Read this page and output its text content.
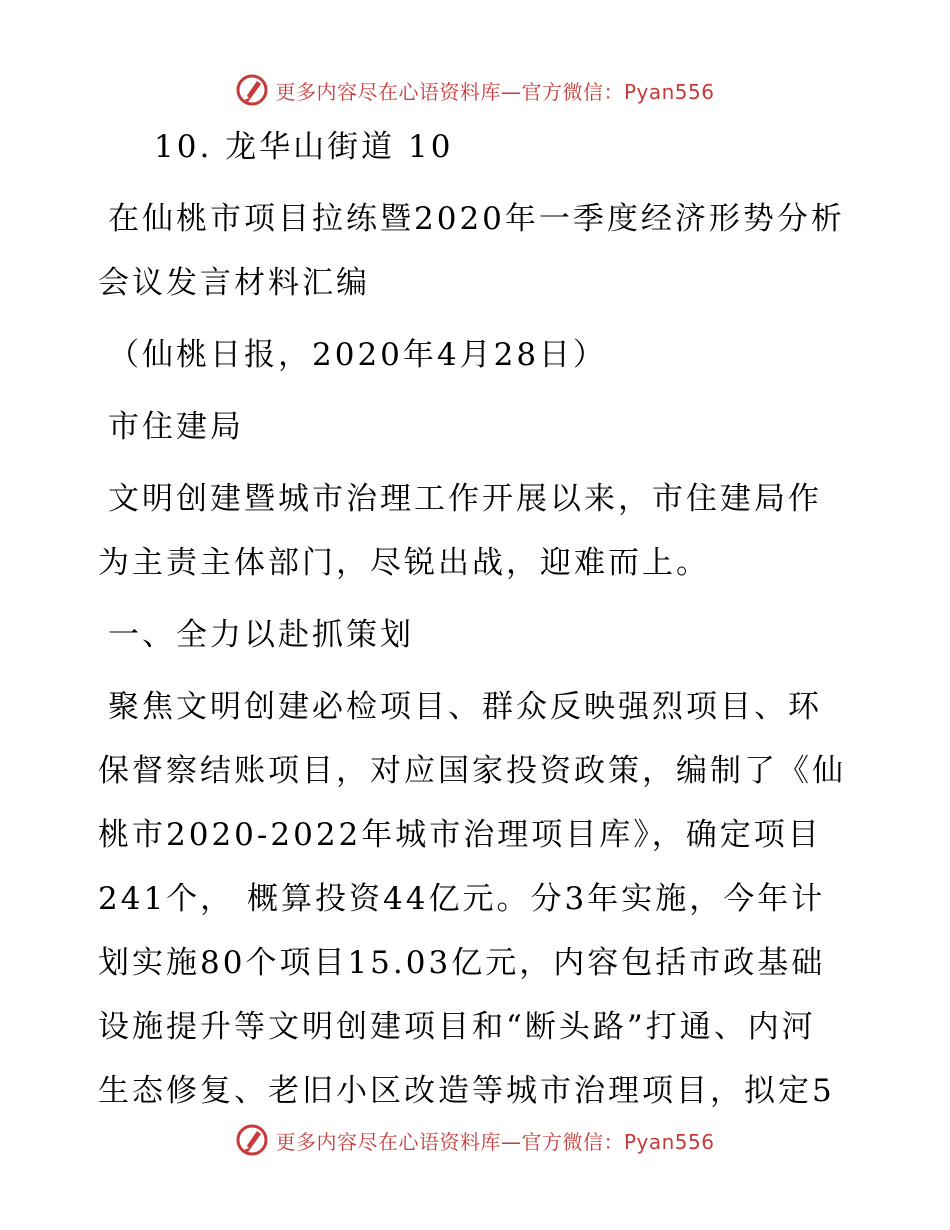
更多内容尽在心语资料库—官方微信：Pyan556

10. 龙华山街道 10

在仙桃市项目拉练暨2020年一季度经济形势分析

会议发言材料汇编

（仙桃日报，2020年4月28日）

市住建局

文明创建暨城市治理工作开展以来，市住建局作

为主责主体部门，尽锐出战，迎难而上。

一、全力以赴抓策划

聚焦文明创建必检项目、群众反映强烈项目、环

保督察结账项目，对应国家投资政策，编制了《仙

桃市2020-2022年城市治理项目库》，确定项目

241个， 概算投资44亿元。分3年实施，今年计

划实施80个项目15.03亿元，内容包括市政基础

设施提升等文明创建项目和“断头路”打通、内河

生态修复、老旧小区改造等城市治理项目，拟定5

更多内容尽在心语资料库—官方微信：Pyan556
